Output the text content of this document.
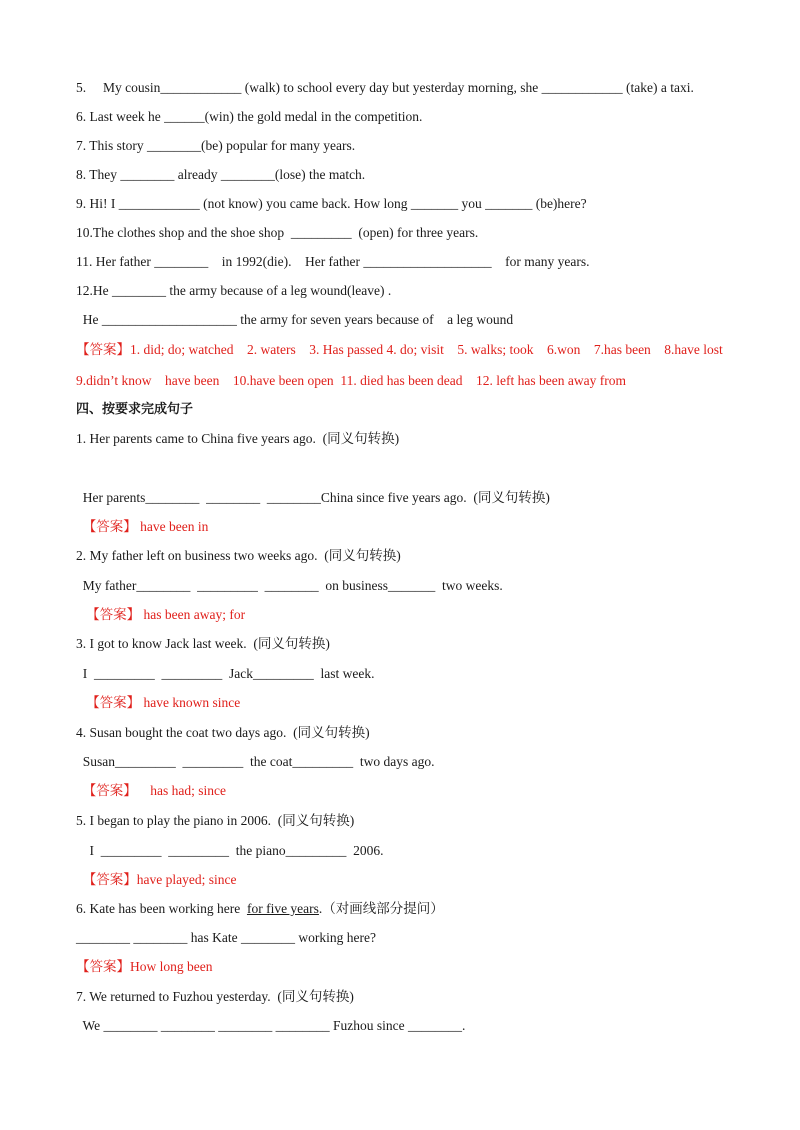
5.     My cousin____________ (walk) to school every day but yesterday morning, she ____________ (take) a taxi.
6. Last week he ______(win) the gold medal in the competition.
7. This story ________(be) popular for many years.
8. They ________ already ________(lose) the match.
9. Hi! I ____________ (not know) you came back. How long _______ you _______ (be)here?
10.The clothes shop and the shoe shop  _________  (open) for three years.
11. Her father ________    in 1992(die).    Her father ___________________    for many years.
12.He ________ the army because of a leg wound(leave) .
He ____________________ the army for seven years because of    a leg wound
【答案】1. did; do; watched    2. waters    3. Has passed 4. do; visit    5. walks; took    6.won    7.has been    8.have lost
9.didn’t know    have been    10.have been open  11. died has been dead    12. left has been away from
四、按要求完成句子
1. Her parents came to China five years ago.  (同义句转换)
Her parents________  ________  ________China since five years ago.  (同义句转换)
【答案】 have been in
2. My father left on business two weeks ago.  (同义句转换)
My father________  _________  ________  on business_______  two weeks.
【答案】 has been away; for
3. I got to know Jack last week.  (同义句转换)
I  _________  _________  Jack_________  last week.
【答案】 have known since
4. Susan bought the coat two days ago.  (同义句转换)
Susan_________  _________  the coat_________  two days ago.
【答案】    has had; since
5. I began to play the piano in 2006.  (同义句转换)
I  _________  _________  the piano_________  2006.
【答案】have played; since
6. Kate has been working here  for five years.（对画线部分提问）
________ ________ has Kate ________ working here?
【答案】How long been
7. We returned to Fuzhou yesterday.  (同义句转换)
We ________ ________ ________ ________ Fuzhou since ________.
